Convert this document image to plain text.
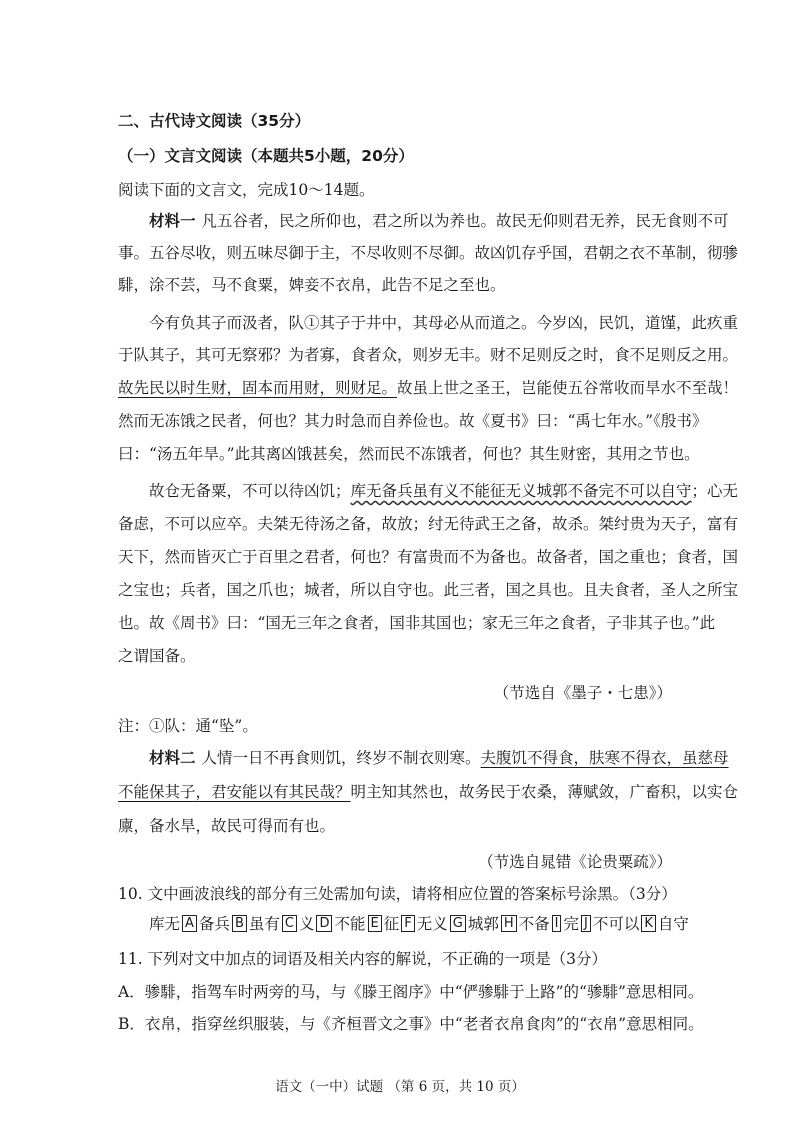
二、古代诗文阅读（35分）
（一）文言文阅读（本题共5小题，20分）
阅读下面的文言文，完成10～14题。
材料一 凡五谷者，民之所仰也，君之所以为养也。故民无仰则君无养，民无食则不可
事。五谷尽收，则五味尽御于主，不尽收则不尽御。故凶饥存乎国，君朝之衣不革制，彻骖
騑，涂不芸，马不食粟，婢妾不衣帛，此告不足之至也。
今有负其子而汲者，队①其子于井中，其母必从而道之。今岁凶，民饥，道馑，此疚重
于队其子，其可无察邪？为者寡，食者众，则岁无丰。财不足则反之时，食不足则反之用。
故先民以时生财，固本而用财，则财足。故虽上世之圣王，岂能使五谷常收而旱水不至哉！
然而无冻饿之民者，何也？其力时急而自养俭也。故《夏书》曰：“禹七年水。”《殷书》
曰：“汤五年旱。”此其离凶饿甚矣，然而民不冻饿者，何也？其生财密，其用之节也。
故仓无备粟，不可以待凶饥；库无备兵虽有义不能征无义城郭不备完不可以自守；心无
备虑，不可以应卒。夫桀无待汤之备，故放；纣无待武王之备，故杀。桀纣贵为天子，富有
天下，然而皆灭亡于百里之君者，何也？有富贵而不为备也。故备者，国之重也；食者，国
之宝也；兵者，国之爪也；城者，所以自守也。此三者，国之具也。且夫食者，圣人之所宝
也。故《周书》曰：“国无三年之食者，国非其国也；家无三年之食者，子非其子也。”此
之谓国备。
（节选自《墨子・七患》）
注：①队：通“坠”。
材料二 人情一日不再食则饥，终岁不制衣则寒。夫腹饥不得食，肤寒不得衣，虽慈母
不能保其子，君安能以有其民哉？明主知其然也，故务民于农桑，薄赋敛，广畜积，以实仓
廪，备水旱，故民可得而有也。
（节选自晁错《论贵粟疏》）
10. 文中画波浪线的部分有三处需加句读，请将相应位置的答案标号涂黑。（3分）
库无 A 备兵 B 虽有 C 义 D 不能 E 征 F 无义 G 城郭 H 不备 I 完 J 不可以 K 自守
11. 下列对文中加点的词语及相关内容的解说，不正确的一项是（3分）
A．骖騑，指驾车时两旁的马，与《滕王阁序》中“俨骖騑于上路”的“骖騑”意思相同。
B．衣帛，指穿丝织服装，与《齐桓晋文之事》中“老者衣帛食肉”的“衣帛”意思相同。
语文（一中）试题 （第 6 页，共 10 页）
